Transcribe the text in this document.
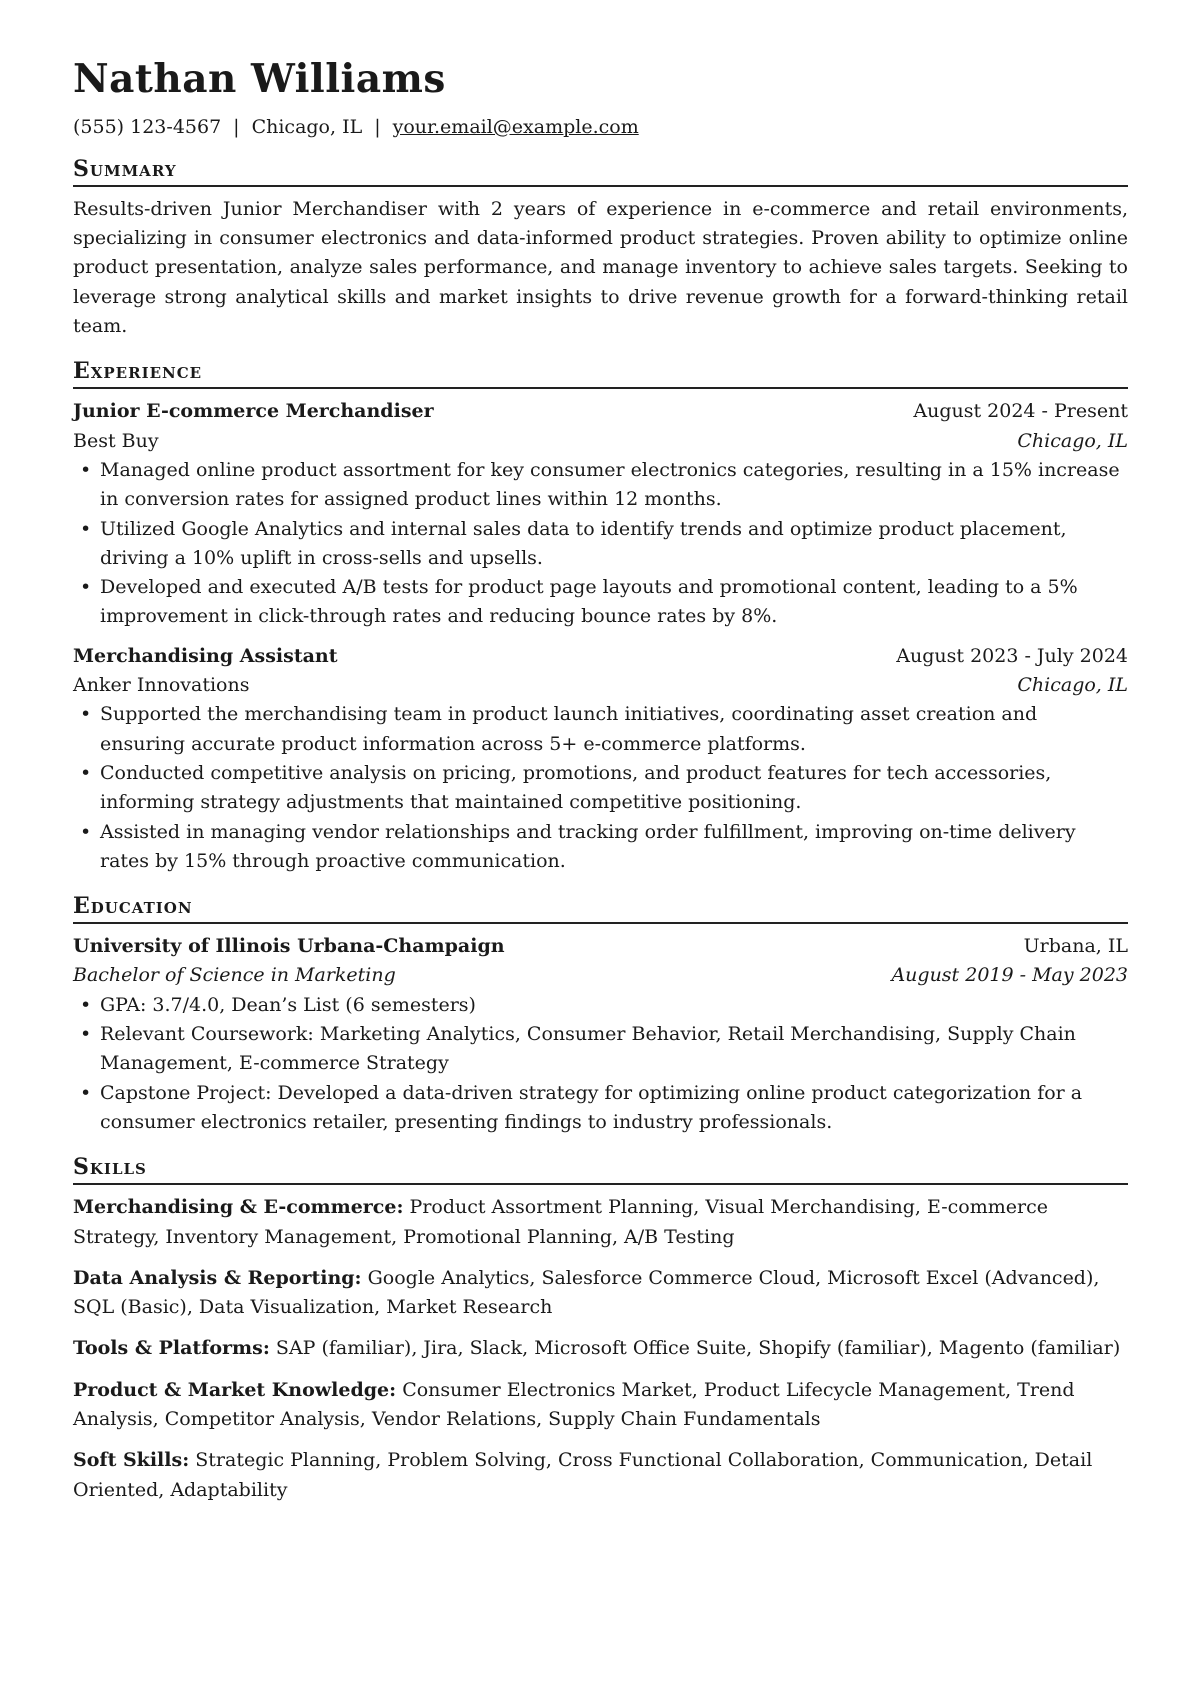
Nathan Williams
(555) 123-4567 | Chicago, IL | your.email@example.com
Summary
Results-driven Junior Merchandiser with 2 years of experience in e-commerce and retail environments, specializing in consumer electronics and data-informed product strategies. Proven ability to optimize online product presentation, analyze sales performance, and manage inventory to achieve sales targets. Seeking to leverage strong analytical skills and market insights to drive revenue growth for a forward-thinking retail team.
Experience
Junior E-commerce Merchandiser	August 2024 - Present
Best Buy	Chicago, IL
• Managed online product assortment for key consumer electronics categories, resulting in a 15% increase in conversion rates for assigned product lines within 12 months.
• Utilized Google Analytics and internal sales data to identify trends and optimize product placement, driving a 10% uplift in cross-sells and upsells.
• Developed and executed A/B tests for product page layouts and promotional content, leading to a 5% improvement in click-through rates and reducing bounce rates by 8%.
Merchandising Assistant	August 2023 - July 2024
Anker Innovations	Chicago, IL
• Supported the merchandising team in product launch initiatives, coordinating asset creation and ensuring accurate product information across 5+ e-commerce platforms.
• Conducted competitive analysis on pricing, promotions, and product features for tech accessories, informing strategy adjustments that maintained competitive positioning.
• Assisted in managing vendor relationships and tracking order fulfillment, improving on-time delivery rates by 15% through proactive communication.
Education
University of Illinois Urbana-Champaign	Urbana, IL
Bachelor of Science in Marketing	August 2019 - May 2023
• GPA: 3.7/4.0, Dean’s List (6 semesters)
• Relevant Coursework: Marketing Analytics, Consumer Behavior, Retail Merchandising, Supply Chain Management, E-commerce Strategy
• Capstone Project: Developed a data-driven strategy for optimizing online product categorization for a consumer electronics retailer, presenting findings to industry professionals.
Skills
Merchandising & E-commerce: Product Assortment Planning, Visual Merchandising, E-commerce Strategy, Inventory Management, Promotional Planning, A/B Testing
Data Analysis & Reporting: Google Analytics, Salesforce Commerce Cloud, Microsoft Excel (Advanced), SQL (Basic), Data Visualization, Market Research
Tools & Platforms: SAP (familiar), Jira, Slack, Microsoft Office Suite, Shopify (familiar), Magento (familiar)
Product & Market Knowledge: Consumer Electronics Market, Product Lifecycle Management, Trend Analysis, Competitor Analysis, Vendor Relations, Supply Chain Fundamentals
Soft Skills: Strategic Planning, Problem Solving, Cross Functional Collaboration, Communication, Detail Oriented, Adaptability
